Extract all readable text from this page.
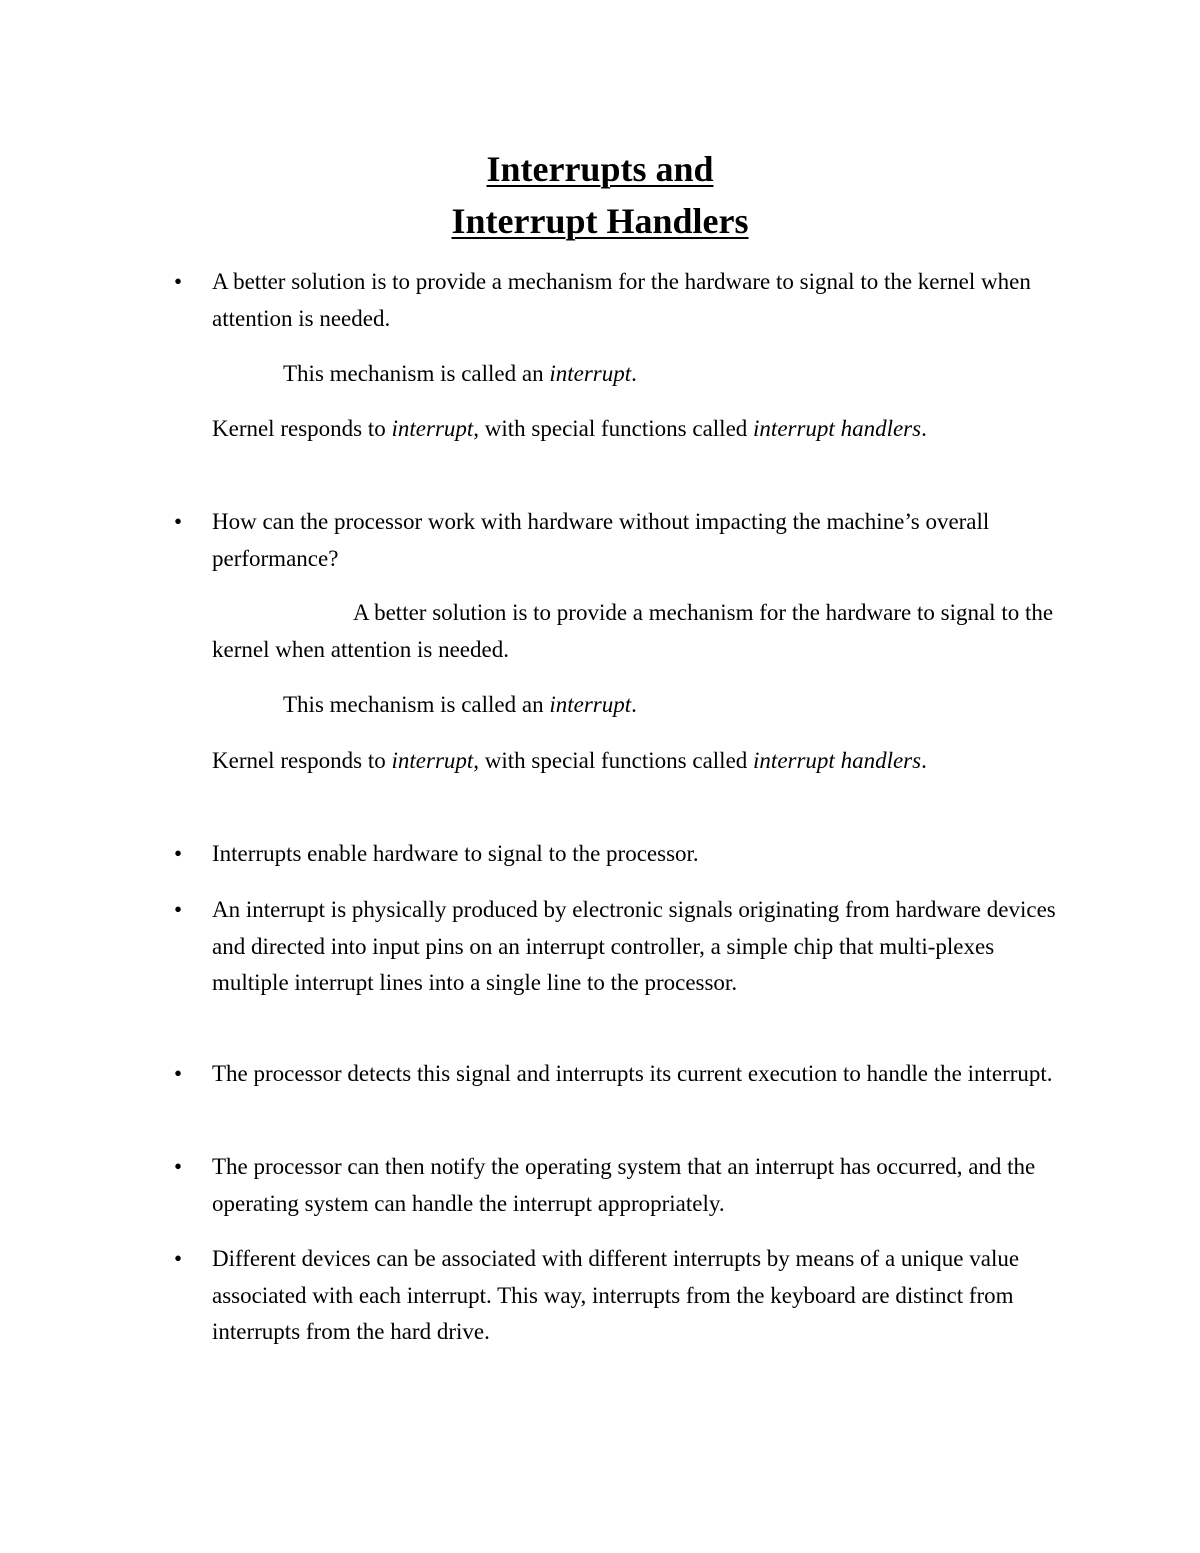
Interrupts and
Interrupt Handlers
• A better solution is to provide a mechanism for the hardware to signal to the kernel when attention is needed.
This mechanism is called an interrupt.
Kernel responds to interrupt, with special functions called interrupt handlers.
• How can the processor work with hardware without impacting the machine’s overall performance?
A better solution is to provide a mechanism for the hardware to signal to the kernel when attention is needed.
This mechanism is called an interrupt.
Kernel responds to interrupt, with special functions called interrupt handlers.
• Interrupts enable hardware to signal to the processor.
• An interrupt is physically produced by electronic signals originating from hardware devices and directed into input pins on an interrupt controller, a simple chip that multi-plexes multiple interrupt lines into a single line to the processor.
• The processor detects this signal and interrupts its current execution to handle the interrupt.
• The processor can then notify the operating system that an interrupt has occurred, and the operating system can handle the interrupt appropriately.
• Different devices can be associated with different interrupts by means of a unique value associated with each interrupt. This way, interrupts from the keyboard are distinct from interrupts from the hard drive.
